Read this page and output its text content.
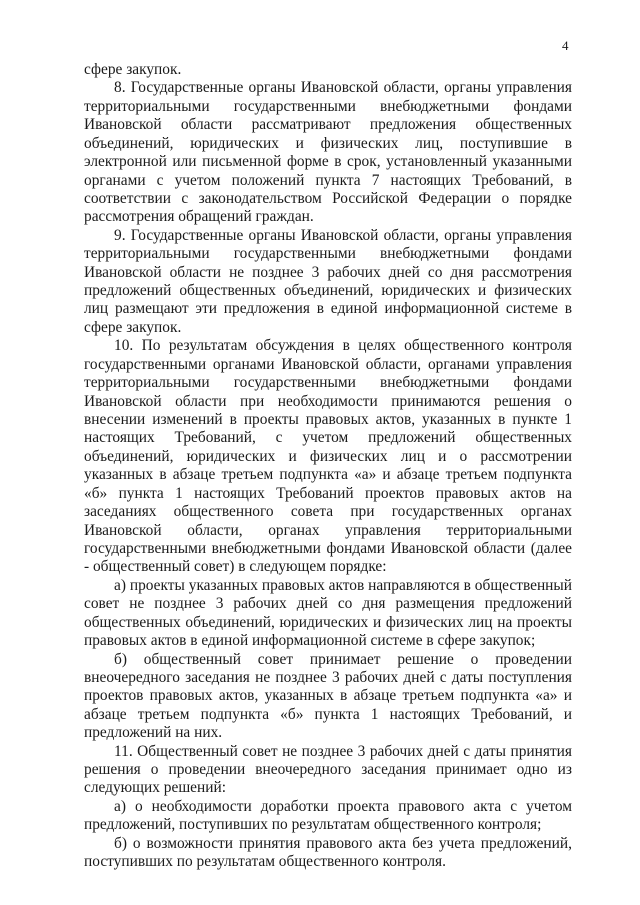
4

сфере закупок.

8. Государственные органы Ивановской области, органы управления территориальными государственными внебюджетными фондами Ивановской области рассматривают предложения общественных объединений, юридических и физических лиц, поступившие в электронной или письменной форме в срок, установленный указанными органами с учетом положений пункта 7 настоящих Требований, в соответствии с законодательством Российской Федерации о порядке рассмотрения обращений граждан.

9. Государственные органы Ивановской области, органы управления территориальными государственными внебюджетными фондами Ивановской области не позднее 3 рабочих дней со дня рассмотрения предложений общественных объединений, юридических и физических лиц размещают эти предложения в единой информационной системе в сфере закупок.

10. По результатам обсуждения в целях общественного контроля государственными органами Ивановской области, органами управления территориальными государственными внебюджетными фондами Ивановской области при необходимости принимаются решения о внесении изменений в проекты правовых актов, указанных в пункте 1 настоящих Требований, с учетом предложений общественных объединений, юридических и физических лиц и о рассмотрении указанных в абзаце третьем подпункта «а» и абзаце третьем подпункта «б» пункта 1 настоящих Требований проектов правовых актов на заседаниях общественного совета при государственных органах Ивановской области, органах управления территориальными государственными внебюджетными фондами Ивановской области (далее - общественный совет) в следующем порядке:

а) проекты указанных правовых актов направляются в общественный совет не позднее 3 рабочих дней со дня размещения предложений общественных объединений, юридических и физических лиц на проекты правовых актов в единой информационной системе в сфере закупок;

б) общественный совет принимает решение о проведении внеочередного заседания не позднее 3 рабочих дней с даты поступления проектов правовых актов, указанных в абзаце третьем подпункта «а» и абзаце третьем подпункта «б» пункта 1 настоящих Требований, и предложений на них.

11. Общественный совет не позднее 3 рабочих дней с даты принятия решения о проведении внеочередного заседания принимает одно из следующих решений:

а) о необходимости доработки проекта правового акта с учетом предложений, поступивших по результатам общественного контроля;

б) о возможности принятия правового акта без учета предложений, поступивших по результатам общественного контроля.
